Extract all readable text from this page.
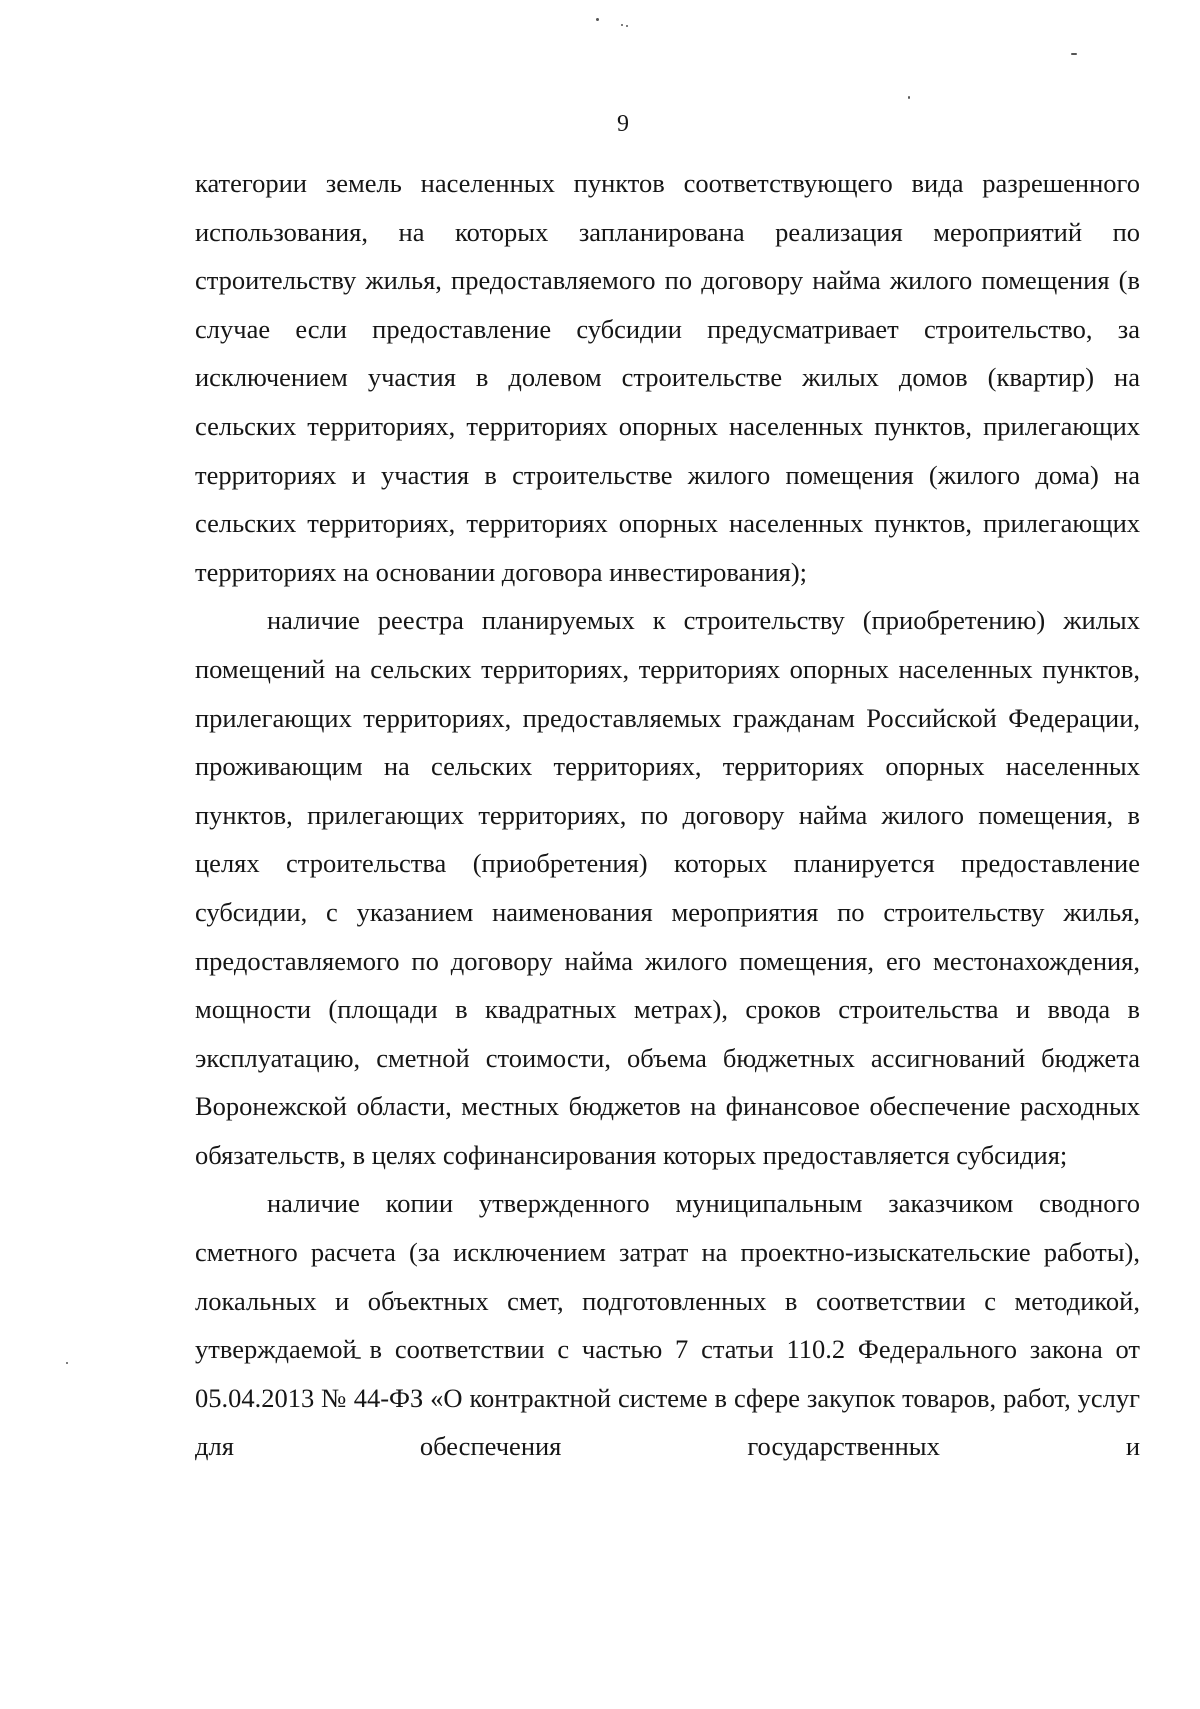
9

категории земель населенных пунктов соответствующего вида разрешенного использования, на которых запланирована реализация мероприятий по строительству жилья, предоставляемого по договору найма жилого помещения (в случае если предоставление субсидии предусматривает строительство, за исключением участия в долевом строительстве жилых домов (квартир) на сельских территориях, территориях опорных населенных пунктов, прилегающих территориях и участия в строительстве жилого помещения (жилого дома) на сельских территориях, территориях опорных населенных пунктов, прилегающих территориях на основании договора инвестирования);

наличие реестра планируемых к строительству (приобретению) жилых помещений на сельских территориях, территориях опорных населенных пунктов, прилегающих территориях, предоставляемых гражданам Российской Федерации, проживающим на сельских территориях, территориях опорных населенных пунктов, прилегающих территориях, по договору найма жилого помещения, в целях строительства (приобретения) которых планируется предоставление субсидии, с указанием наименования мероприятия по строительству жилья, предоставляемого по договору найма жилого помещения, его местонахождения, мощности (площади в квадратных метрах), сроков строительства и ввода в эксплуатацию, сметной стоимости, объема бюджетных ассигнований бюджета Воронежской области, местных бюджетов на финансовое обеспечение расходных обязательств, в целях софинансирования которых предоставляется субсидия;

наличие копии утвержденного муниципальным заказчиком сводного сметного расчета (за исключением затрат на проектно-изыскательские работы), локальных и объектных смет, подготовленных в соответствии с методикой, утверждаемой в соответствии с частью 7 статьи 110.2 Федерального закона от 05.04.2013 № 44-ФЗ «О контрактной системе в сфере закупок товаров, работ, услуг для обеспечения государственных и
